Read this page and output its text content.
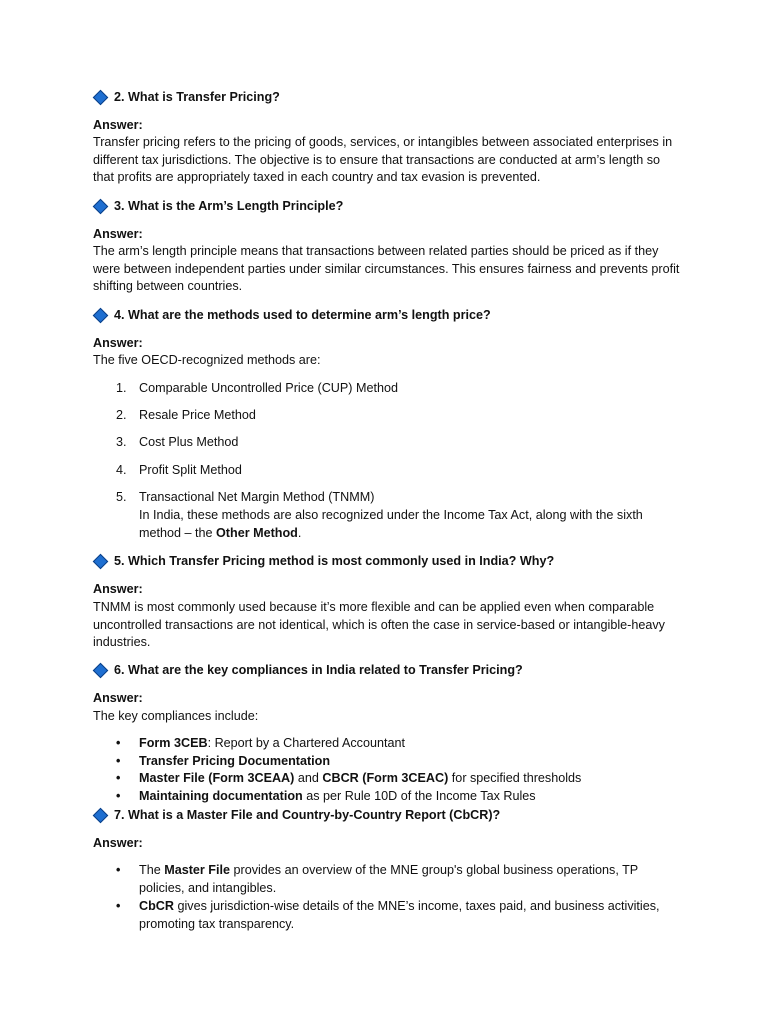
2. What is Transfer Pricing?

Answer:

Transfer pricing refers to the pricing of goods, services, or intangibles between associated enterprises in different tax jurisdictions. The objective is to ensure that transactions are conducted at arm’s length so that profits are appropriately taxed in each country and tax evasion is prevented.

3. What is the Arm’s Length Principle?

Answer:

The arm’s length principle means that transactions between related parties should be priced as if they were between independent parties under similar circumstances. This ensures fairness and prevents profit shifting between countries.

4. What are the methods used to determine arm’s length price?

Answer:

The five OECD-recognized methods are:

1. Comparable Uncontrolled Price (CUP) Method
2. Resale Price Method
3. Cost Plus Method
4. Profit Split Method
5. Transactional Net Margin Method (TNMM)

In India, these methods are also recognized under the Income Tax Act, along with the sixth method – the Other Method.

5. Which Transfer Pricing method is most commonly used in India? Why?

Answer:

TNMM is most commonly used because it’s more flexible and can be applied even when comparable uncontrolled transactions are not identical, which is often the case in service-based or intangible-heavy industries.

6. What are the key compliances in India related to Transfer Pricing?

Answer:

The key compliances include:

• Form 3CEB: Report by a Chartered Accountant
• Transfer Pricing Documentation
• Master File (Form 3CEAA) and CBCR (Form 3CEAC) for specified thresholds
• Maintaining documentation as per Rule 10D of the Income Tax Rules

7. What is a Master File and Country-by-Country Report (CbCR)?

Answer:

• The Master File provides an overview of the MNE group's global business operations, TP policies, and intangibles.
• CbCR gives jurisdiction-wise details of the MNE’s income, taxes paid, and business activities, promoting tax transparency.
